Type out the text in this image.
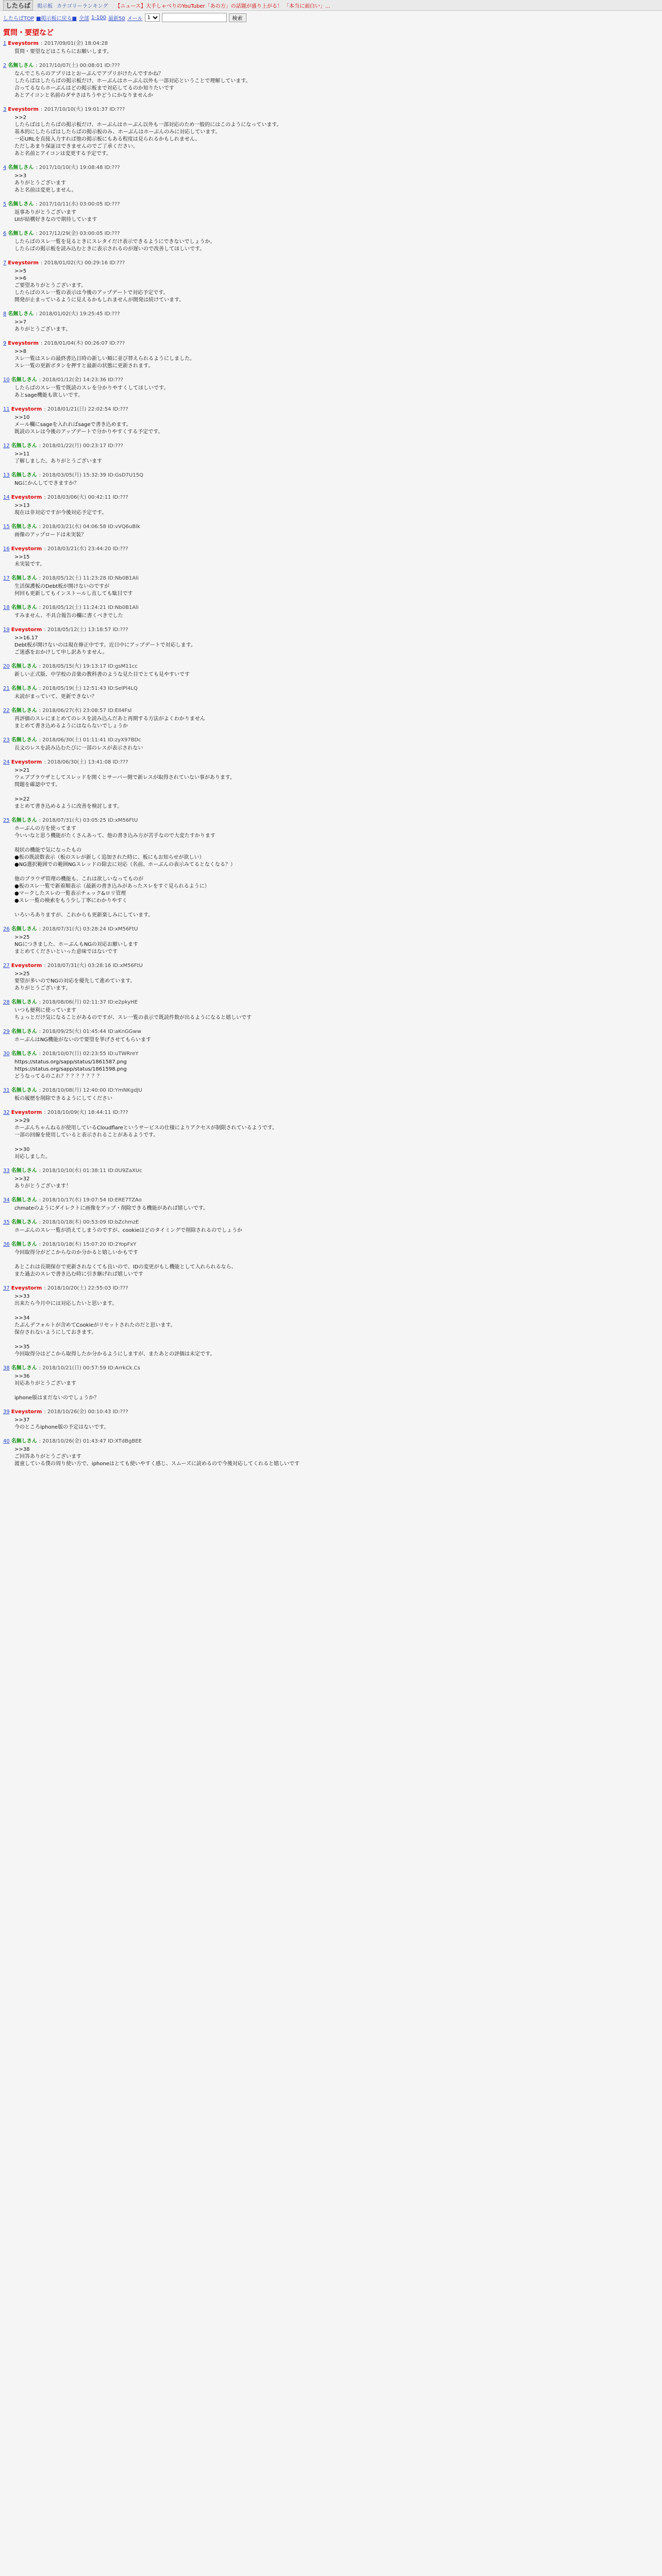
したらば	掲示板 カテゴリーランキング 【ニュース】大手しゃべりのYouTuber「あの方」の話題が盛り上がる！ 「本当に面白い」...
したらばTOP ■掲示板に戻る■ 全部 1-100 最新50 メール
1	検索
質問・要望など
1 Eveystorm : 2017/09/01(金) 18:04:28
質問・要望などはこちらにお願いします。
2 名無しさん : 2017/10/07(土) 00:08:01 ID:???
なんでこちらのアプリはとおーぶんでアプリがけたんですかね？
したらばはしたらばの掲示板だけ、ホーぶんはホーぶん以外も一部対応ということで理解しています。
合ってるならホーぶんはどの掲示板まで対応してるのか知りたいです
あとアイコンと名前のダサさはちうやどうにかなりませんか
3 Eveystorm : 2017/10/10(火) 19:01:37 ID:???
>>2
したらばはしたらばの掲示板だけ、ホーぶんはホーぶん以外も一部対応のため一般的にはこのようになっています。
基本的にしたらばはしたらばの掲示板のみ、ホーぶんはホーぶんのみに対応しています。
一応URLを直接入力すれば他の掲示板にもある程度は見られるかもしれません。
ただしあまり保証はできませんのでご了承ください。
あと名前とアイコンは変更する予定です。
4 名無しさん : 2017/10/10(火) 19:08:48 ID:???
>>3
ありがとうございます
あと名前は変更しません。
5 名無しさん : 2017/10/11(水) 03:00:05 ID:???
返事ありがとうございます
UIが結構好きなので期待しています
6 名無しさん : 2017/12/29(金) 03:00:05 ID:???
したらばのスレ一覧を見るときにスレタイだけ表示できるようにできないでしょうか。
したらばの掲示板を読み込むときに表示されるのが遅いので改善してほしいです。
7 Eveystorm : 2018/01/02(火) 00:29:16 ID:???
>>5
>>6
ご要望ありがとうございます。
したらばのスレ一覧の表示は今後のアップデートで対応予定です。
開発が止まっているように見えるかもしれませんが開発は続けています。
8 名無しさん : 2018/01/02(火) 19:25:45 ID:???
>>7
ありがとうございます。
9 Eveystorm : 2018/01/04(木) 00:26:07 ID:???
>>8
スレ一覧はスレの最終書込日時の新しい順に並び替えられるようにしました。
スレ一覧の更新ボタンを押すと最新の状態に更新されます。
10 名無しさん : 2018/01/12(金) 14:23:36 ID:???
したらばのスレ一覧で既読のスレを分かりやすくしてほしいです。
あとsage機能も欲しいです。
11 Eveystorm : 2018/01/21(日) 22:02:54 ID:???
>>10
メール欄にsageを入れればsageで書き込めます。
既読のスレは今後のアップデートで分かりやすくする予定です。
12 名無しさん : 2018/01/22(月) 00:23:17 ID:???
>>11
了解しました。ありがとうございます
13 名無しさん : 2018/03/05(月) 15:32:39 ID:GsD7U15Q
NGにかんしてできますか？
14 Eveystorm : 2018/03/06(火) 00:42:11 ID:???
>>13
現在は非対応ですが今後対応予定です。
15 名無しさん : 2018/03/21(水) 04:06:58 ID:vVQ6uBlk
画像のアップロードは未実装？
16 Eveystorm : 2018/03/21(水) 23:44:20 ID:???
>>15
未実装です。
17 名無しさん : 2018/05/12(土) 11:23:28 ID:Nb0B1Ali
生活保護板のDebt板が開けないのですが
何回も更新してもインストールし直しても駄目です
18 名無しさん : 2018/05/12(土) 11:24:21 ID:Nb0B1Ali
すみません、不具合報告の欄に書くべきでした
19 Eveystorm : 2018/05/12(土) 13:18:57 ID:???
>>16.17
Debt板が開けないのは現在修正中です。近日中にアップデートで対応します。
ご迷惑をおかけして申し訳ありません。
20 名無しさん : 2018/05/15(火) 19:13:17 ID:gsM11cc
新しい正式版、中学校の音楽の教科書のような見た目でとても見やすいです
21 名無しさん : 2018/05/19(土) 12:51:43 ID:SelPl4LQ
未読がまっていて、更新できない？
22 名無しさん : 2018/06/27(水) 23:08:57 ID:EIl4FsI
再評価のスレにまとめてのレスを読み込んだあと再開する方法がよくわかりません
まとめて書き込めるようにはならないでしょうか
23 名無しさん : 2018/06/30(土) 01:11:41 ID:zyX97BDc
長文のレスを読み込むたびに一部のレスが表示されない
24 Eveystorm : 2018/06/30(土) 13:41:08 ID:???
>>21
ウェブブラウザとしてスレッドを開くとサーバー側で新レスが取得されていない事があります。
問題を確認中です。

>>22
まとめて書き込めるように改善を検討します。
25 名無しさん : 2018/07/31(火) 03:05:25 ID:xM56FtU
ホーぶんの方を使ってます
今いいなと思う機能がたくさんあって、他の書き込み方が苦手なので大変たすかります

現状の機能で気になったもの
●板の既読数表示（板のスレが新しく追加された時に、板にもお知らせが欲しい）
●NG選択範囲での範囲NGスレッドの除去に対応（名前、ホーぶんの表示みてるとなくなる？）

他のブラウザ管理の機能も、これは欲しいなってものが
●板のスレ一覧で新着順表示（最新の書き込みがあったスレをすぐ見られるように）
●マークしたスレの一覧表示チェック&ロリ管理
●スレ一覧の検索をもう少し丁寧にわかりやすく

いろいろありますが、これからも更新楽しみにしています。
26 名無しさん : 2018/07/31(火) 03:28:24 ID:xM56FtU
>>25
NGにつきました、ホーぶんもNGの対応お願いします
まとめてくださいといった意味ではないです
27 Eveystorm : 2018/07/31(火) 03:28:16 ID:xM56FtU
>>25
要望が多いのでNGの対応を優先して進めています。
ありがとうございます。
28 名無しさん : 2018/08/06(月) 02:11:37 ID:e2pkyHE
いつも便利に使っています
ちょっとだけ気になることがあるのですが、スレ一覧の表示で既読件数が出るようになると嬉しいです
29 名無しさん : 2018/09/25(火) 01:45:44 ID:aKnGGww
ホーぶんはNG機能がないので要望を挙げさせてもらいます
30 名無しさん : 2018/10/07(日) 02:23:55 ID:uTWRreY
https://status.org/sapp/status/1861587.png
https://status.org/sapp/status/1861598.png
どうなってるのこれ？？？？？？？？
31 名無しさん : 2018/10/08(月) 12:40:00 ID:YmNKgdJU
板の履歴を削除できるようにしてください
32 Eveystorm : 2018/10/09(火) 18:44:11 ID:???
>>29
ホーぶんちゃんねるが使用しているCloudflareというサービスの仕様によりアクセスが制限されているようです。
一部の回線を使用していると表示されることがあるようです。

>>30
対応しました。
33 名無しさん : 2018/10/10(水) 01:38:11 ID:0U9ZaXUc
>>32
ありがとうございます！
34 名無しさん : 2018/10/17(水) 19:07:54 ID:ERE7TZAo
chmateのようにダイレクトに画像をアップ・削除できる機能があれば嬉しいです。
35 名無しさん : 2018/10/18(木) 00:53:09 ID:bZchmzE
ホーぶんのスレ一覧が消えてしまうのですが、cookieはどのタイミングで削除されるのでしょうか
36 名無しさん : 2018/10/18(木) 15:07:20 ID:2YopFxY
今回取得分がどこからなのか分かると嬉しいかもです

あとこれは長期保存で更新されなくても良いので、IDの変更がもし機能として入れられるなら、
また過去のスレで書き込む時に引き継げれば嬉しいです
37 Eveystorm : 2018/10/20(土) 22:55:03 ID:???
>>33
出来たら今月中には対応したいと思います。

>>34
たぶんデフォルトが含めてCookieがリセットされたのだと思います。
保存されないようにしておきます。

>>35
今回取得分はどこから取得したか分かるようにしますが、またあとの評価は未定です。
38 名無しさん : 2018/10/21(日) 00:57:59 ID:ArrkCk.Cs
>>36
対応ありがとうございます

iphone版はまだないのでしょうか？
39 Eveystorm : 2018/10/26(金) 00:10:43 ID:???
>>37
今のところiphone版の予定はないです。
40 名無しさん : 2018/10/26(金) 01:43:47 ID:XTdBgBEE
>>38
ご回答ありがとうございます
渡童している僕の周り使い方で、iphoneはとても使いやすく感じ、スムーズに読めるので今後対応してくれると嬉しいです
